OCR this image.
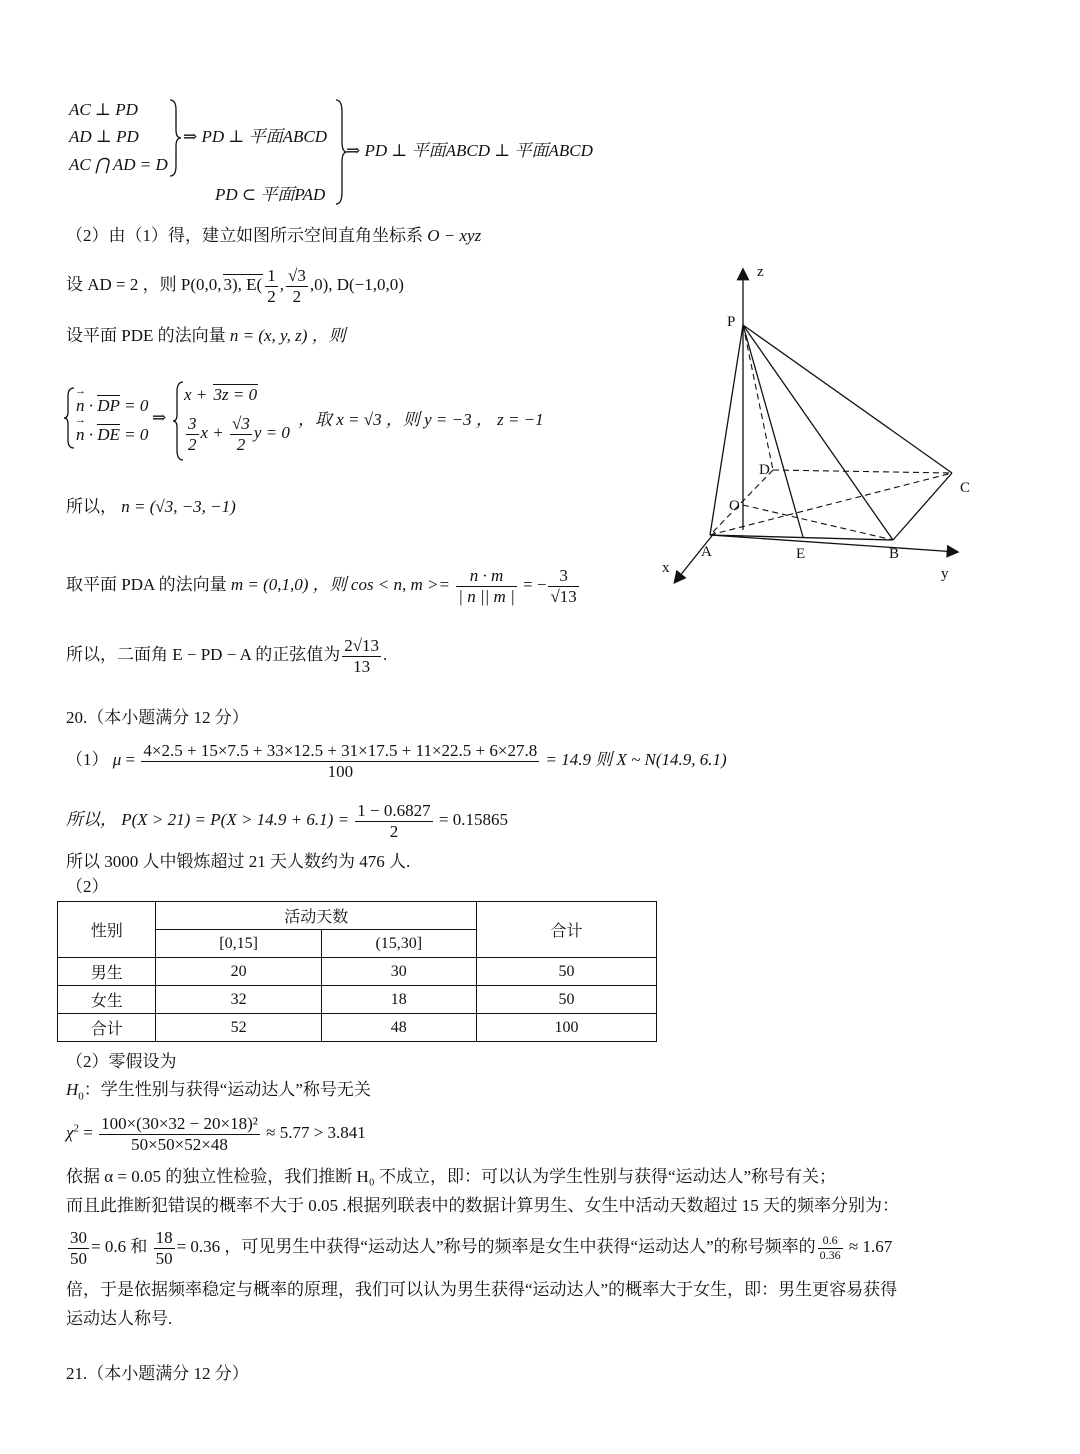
AC ⊥ PD
AD ⊥ PD
AC ⋂ AD = D
⇒ PD ⊥ 平面ABCD
PD ⊂ 平面PAD
⇒ PD ⊥ 平面ABCD ⊥ 平面ABCD
（2）由（1）得，建立如图所示空间直角坐标系 O − xyz
设 AD = 2 ，则 P(0,0, 3), $E( \frac{1}{2}$ , $\frac{√3}{2} ,0$), D(−1,0,0)
设平面 PDE 的法向量 n = (x, y, z) ，则
→ n · DP = 0
→ n · DE = 0
⇒
x + 3z = 0
$\frac{3}{2}$ $x + \frac{√3}{2}$ y = 0
，取 x = √3 ，则 y = −3 ， z = −1
所以， n = (√3, −3, −1)
取平面 PDA 的法向量 m = (0,1,0) ，则 cos < n, $m >= \frac{n \cdot m}{| n || m |}$ = − $\frac{3}{√13}$
所以，二面角 E − PD − A 的正弦值为 $\frac{2√13}{13}$ .
z
P
D
C
O
A	E	B
x	y
20.（本小题满分 12 分）
（1） $\mu = \frac{4\times 2.5 + 15\times 7.5 + 33\times 12.5 + 31\times 17.5 + 11\times 22.5 + 6\times 27.8}{100} = 14.9$ 则 X ~ N(14.9, 6.1)
所以， $P(X > 21) = P(X > 14.9 + 6.1) = \frac{1 - 0.6827}{2} = 0.15865$
所以 3000 人中锻炼超过 21 天人数约为 476 人.
（2）
性别	活动天数		合计
	[0,15]	(15,30]	
男生	20	30	50
女生	32	18	50
合计	52	48	100
（2）零假设为
$H_0$：学生性别与获得“运动达人”称号无关
$\chi^2 = \frac{\text{100×(30×32 − 20×18)²}}{50\times 50\times 52\times 48} \approx 5.77 > 3.841$
依据 α = 0.05 的独立性检验，我们推断 H₀ 不成立，即：可以认为学生性别与获得“运动达人”称号有关；
而且此推断犯错误的概率不大于 0.05 .根据列联表中的数据计算男生、女生中活动天数超过 15 天的频率分别为：
$\frac{30}{50} = 0.6$ 和 $\frac{18}{50} = 0.36$ ，可见男生中获得“运动达人”称号的频率是女生中获得“运动达人”的称号频率的 $\frac{0.6}{0.36} \approx 1.67$
倍，于是依据频率稳定与概率的原理，我们可以认为男生获得“运动达人”的概率大于女生，即：男生更容易获得
运动达人称号.
21.（本小题满分 12 分）
